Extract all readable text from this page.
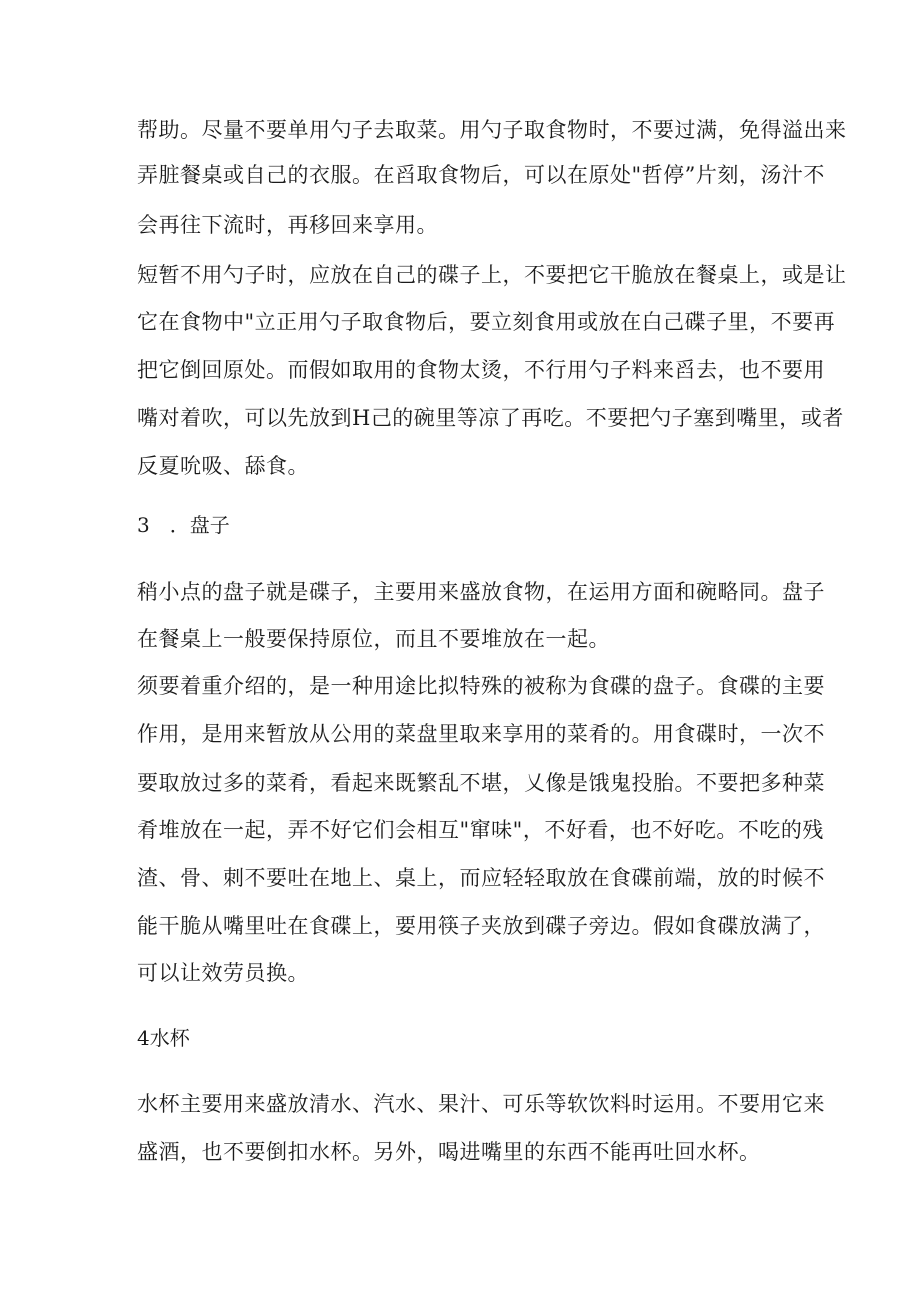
帮助。尽量不要单用勺子去取菜。用勺子取食物时，不要过满，免得溢出来
弄脏餐桌或自己的衣服。在舀取食物后，可以在原处"哲停”片刻，汤汁不
会再往下流时，再移回来享用。
短暂不用勺子时，应放在自己的碟子上，不要把它干脆放在餐桌上，或是让
它在食物中"立正用勺子取食物后，要立刻食用或放在白己碟子里，不要再
把它倒回原处。而假如取用的食物太烫，不行用勺子料来舀去，也不要用
嘴对着吹，可以先放到H己的碗里等凉了再吃。不要把勺子塞到嘴里，或者
反夏吮吸、舔食。
3　．盘子
稍小点的盘子就是碟子，主要用来盛放食物，在运用方面和碗略同。盘子
在餐桌上一般要保持原位，而且不要堆放在一起。
须要着重介绍的，是一种用途比拟特殊的被称为食碟的盘子。食碟的主要
作用，是用来暂放从公用的菜盘里取来享用的菜肴的。用食碟时，一次不
要取放过多的菜肴，看起来既繁乱不堪，乂像是饿鬼投胎。不要把多种菜
肴堆放在一起，弄不好它们会相互"窜味"，不好看，也不好吃。不吃的残
渣、骨、刺不要吐在地上、桌上，而应轻轻取放在食碟前端，放的时候不
能干脆从嘴里吐在食碟上，要用筷子夹放到碟子旁边。假如食碟放满了，
可以让效劳员换。
4水杯
水杯主要用来盛放清水、汽水、果汁、可乐等软饮料时运用。不要用它来
盛酒，也不要倒扣水杯。另外，喝进嘴里的东西不能再吐回水杯。
